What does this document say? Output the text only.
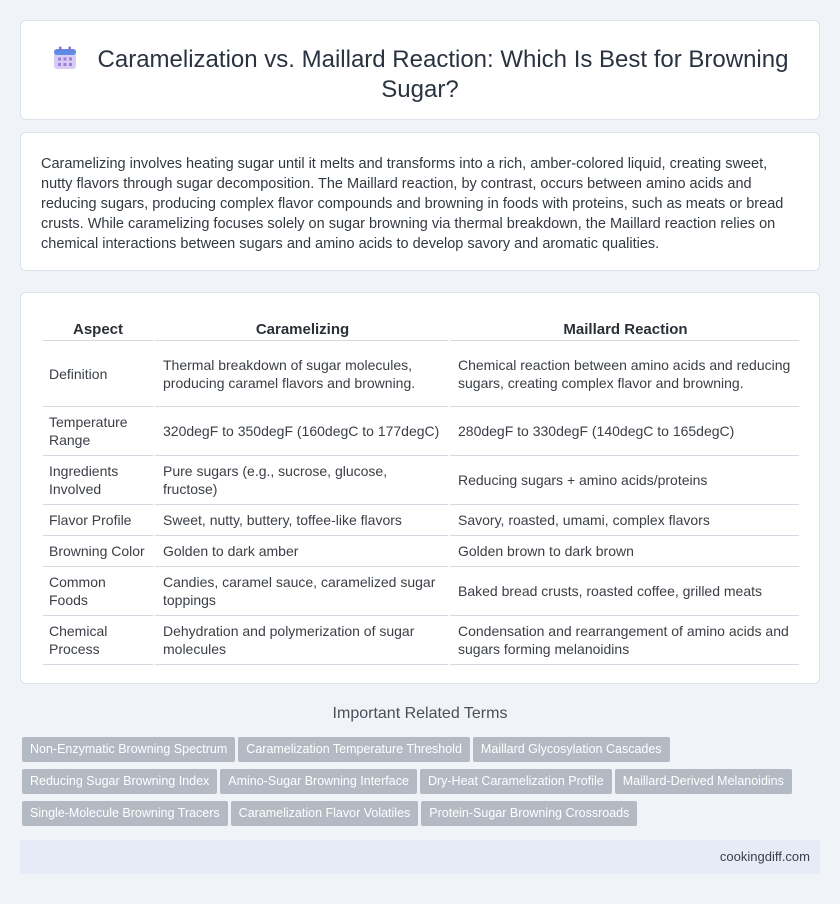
Caramelization vs. Maillard Reaction: Which Is Best for Browning Sugar?

Caramelizing involves heating sugar until it melts and transforms into a rich, amber-colored liquid, creating sweet, nutty flavors through sugar decomposition. The Maillard reaction, by contrast, occurs between amino acids and reducing sugars, producing complex flavor compounds and browning in foods with proteins, such as meats or bread crusts. While caramelizing focuses solely on sugar browning via thermal breakdown, the Maillard reaction relies on chemical interactions between sugars and amino acids to develop savory and aromatic qualities.

Aspect	Caramelizing	Maillard Reaction
Definition	Thermal breakdown of sugar molecules, producing caramel flavors and browning.	Chemical reaction between amino acids and reducing sugars, creating complex flavor and browning.
Temperature Range	320degF to 350degF (160degC to 177degC)	280degF to 330degF (140degC to 165degC)
Ingredients Involved	Pure sugars (e.g., sucrose, glucose, fructose)	Reducing sugars + amino acids/proteins
Flavor Profile	Sweet, nutty, buttery, toffee-like flavors	Savory, roasted, umami, complex flavors
Browning Color	Golden to dark amber	Golden brown to dark brown
Common Foods	Candies, caramel sauce, caramelized sugar toppings	Baked bread crusts, roasted coffee, grilled meats
Chemical Process	Dehydration and polymerization of sugar molecules	Condensation and rearrangement of amino acids and sugars forming melanoidins
Important Related Terms
Non-Enzymatic Browning Spectrum Caramelization Temperature Threshold Maillard Glycosylation Cascades
Reducing Sugar Browning Index Amino-Sugar Browning Interface Dry-Heat Caramelization Profile Maillard-Derived Melanoidins
Single-Molecule Browning Tracers Caramelization Flavor Volatiles Protein-Sugar Browning Crossroads
cookingdiff.com
